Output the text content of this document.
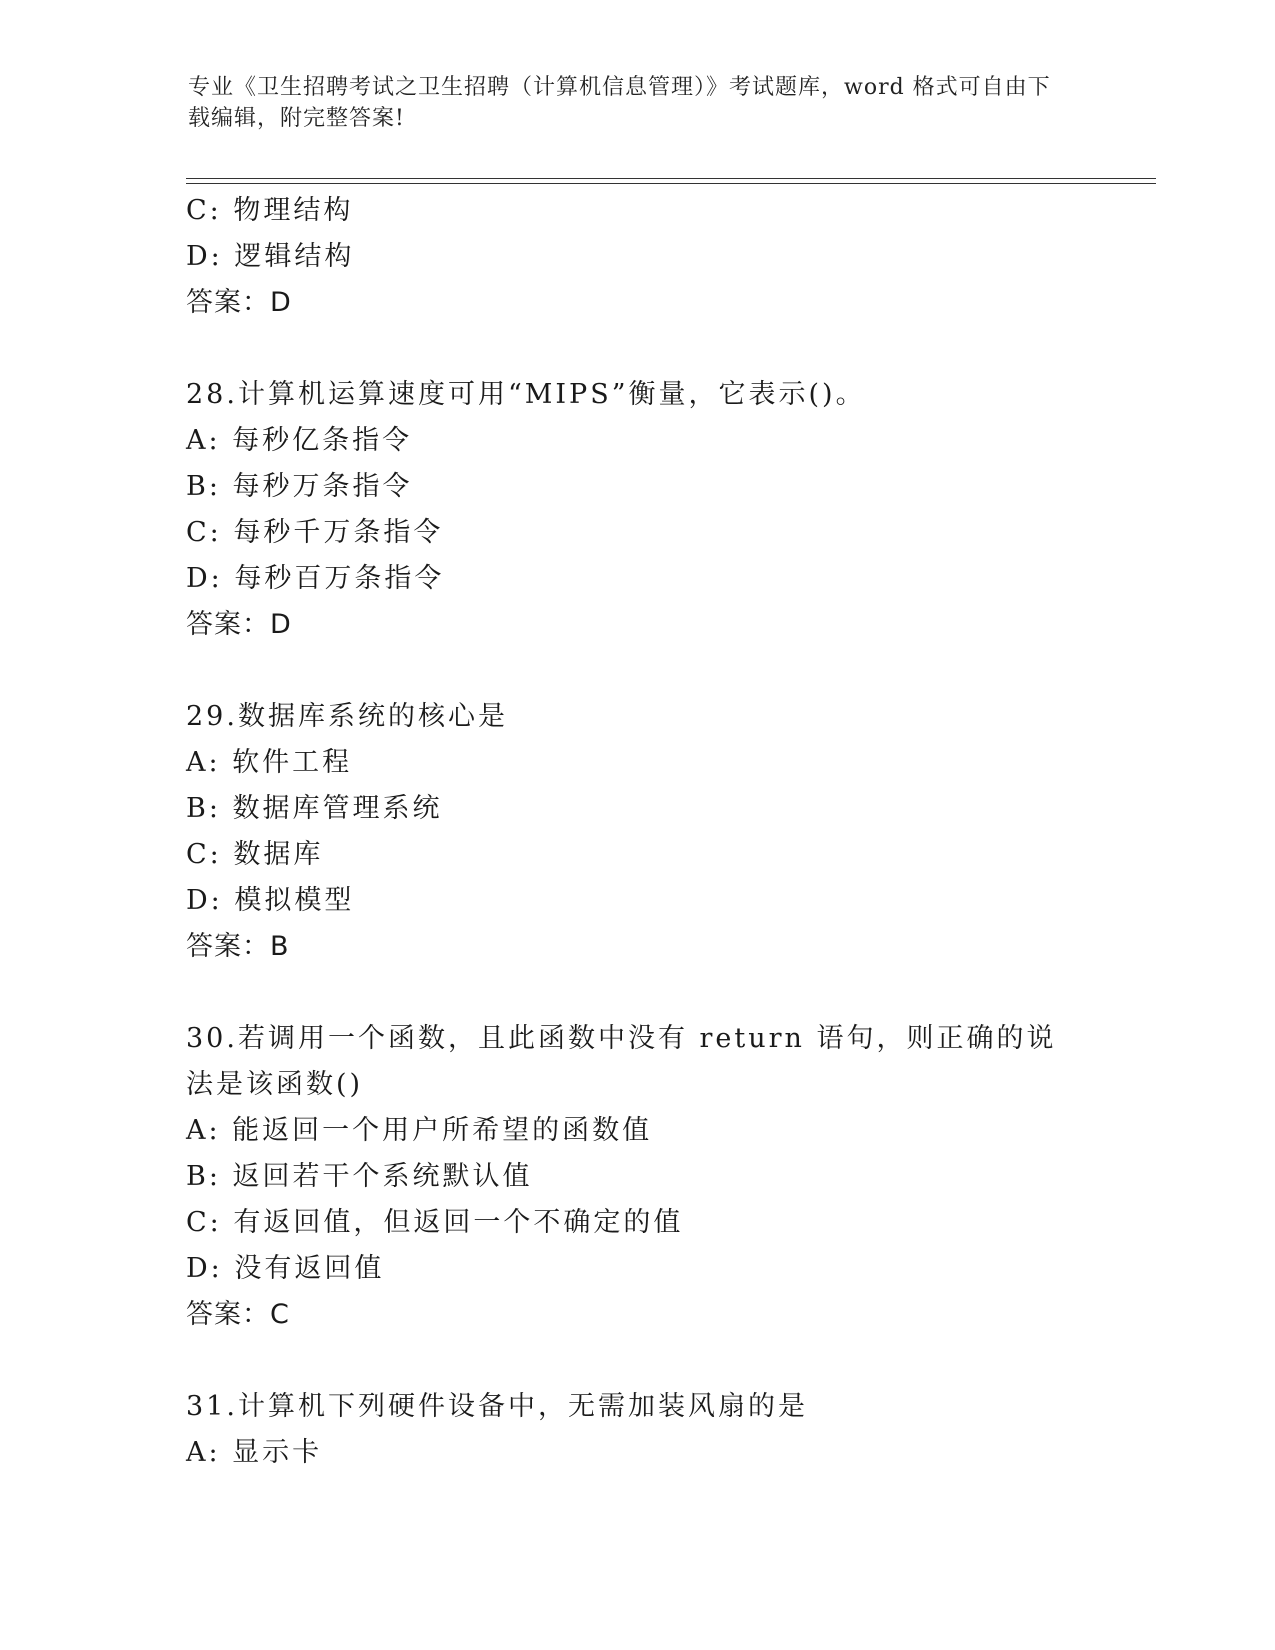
专业《卫生招聘考试之卫生招聘（计算机信息管理）》考试题库，word 格式可自由下载编辑，附完整答案!
C: 物理结构
D: 逻辑结构
答案：D
28.计算机运算速度可用“MIPS”衡量，它表示()。
A: 每秒亿条指令
B: 每秒万条指令
C: 每秒千万条指令
D: 每秒百万条指令
答案：D
29.数据库系统的核心是
A: 软件工程
B: 数据库管理系统
C: 数据库
D: 模拟模型
答案：B
30.若调用一个函数，且此函数中没有 return 语句，则正确的说法是该函数()
A: 能返回一个用户所希望的函数值
B: 返回若干个系统默认值
C: 有返回值，但返回一个不确定的值
D: 没有返回值
答案：C
31.计算机下列硬件设备中，无需加装风扇的是
A: 显示卡
